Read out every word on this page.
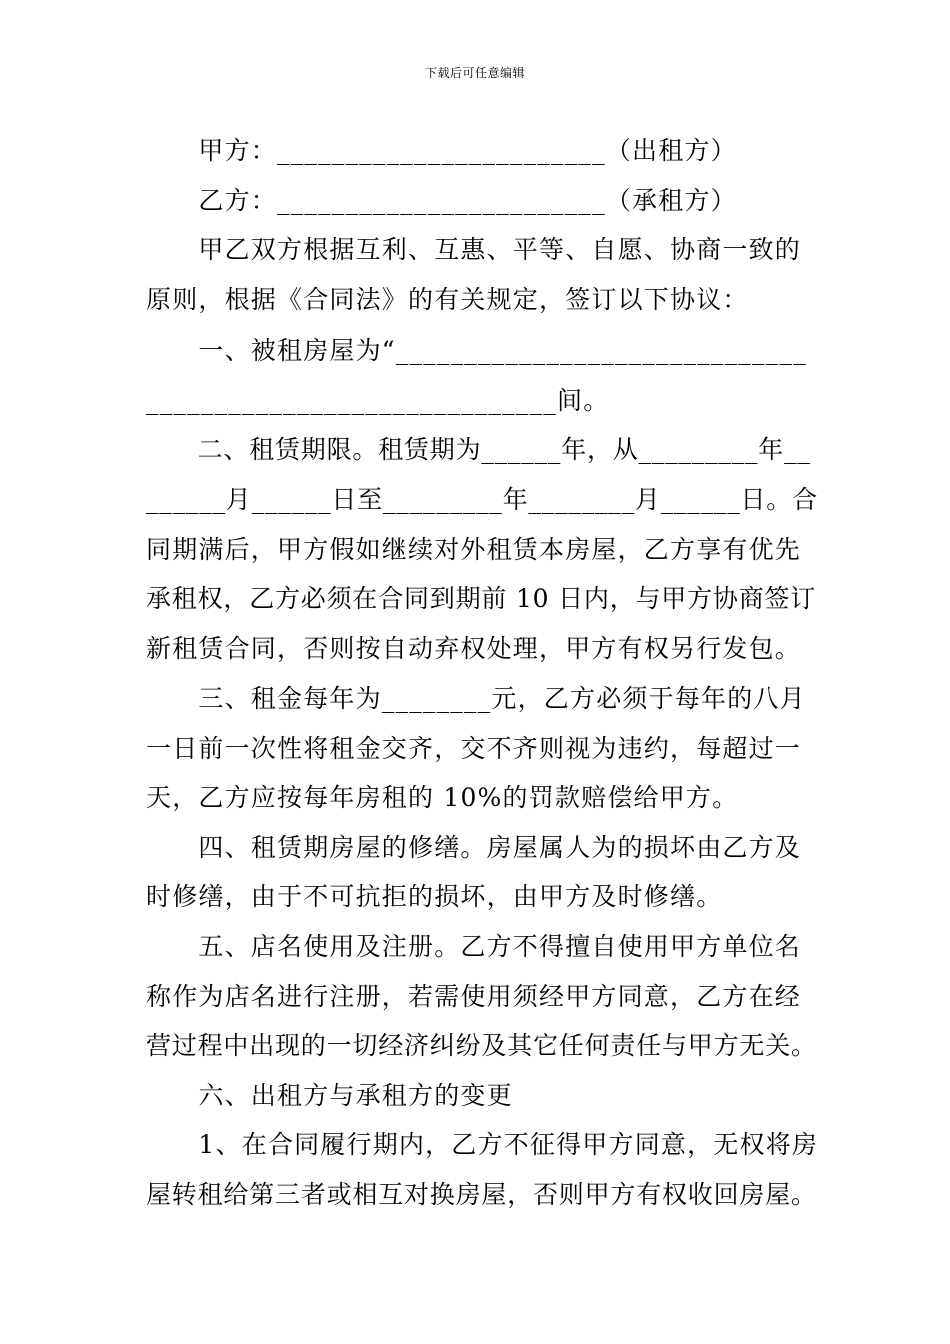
下载后可任意编辑
　　甲方：________________________（出租方）
　　乙方：________________________（承租方）
　　甲乙双方根据互利、互惠、平等、自愿、协商一致的
原则，根据《合同法》的有关规定，签订以下协议：
　　一、被租房屋为“______________________________
______________________________间。
　　二、租赁期限。租赁期为______年，从_________年__
______月______日至_________年________月______日。合
同期满后，甲方假如继续对外租赁本房屋，乙方享有优先
承租权，乙方必须在合同到期前 10 日内，与甲方协商签订
新租赁合同，否则按自动弃权处理，甲方有权另行发包。
　　三、租金每年为________元，乙方必须于每年的八月
一日前一次性将租金交齐，交不齐则视为违约，每超过一
天，乙方应按每年房租的 10%的罚款赔偿给甲方。
　　四、租赁期房屋的修缮。房屋属人为的损坏由乙方及
时修缮，由于不可抗拒的损坏，由甲方及时修缮。
　　五、店名使用及注册。乙方不得擅自使用甲方单位名
称作为店名进行注册，若需使用须经甲方同意，乙方在经
营过程中出现的一切经济纠纷及其它任何责任与甲方无关。
　　六、出租方与承租方的变更
　　1、在合同履行期内，乙方不征得甲方同意，无权将房
屋转租给第三者或相互对换房屋，否则甲方有权收回房屋。
